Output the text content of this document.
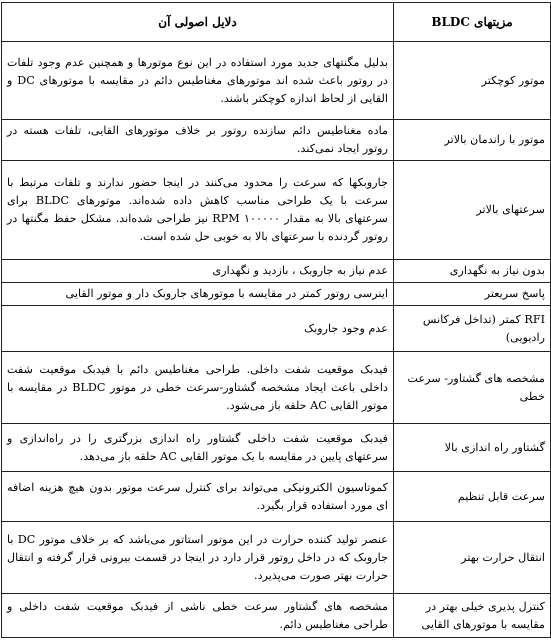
مزیتهای BLDC	دلایل اصولی آن
موتور کوچکتر	بدلیل مگنتهای جدید مورد استفاده در این نوع موتورها و همچنین عدم وجود تلفات در روتور باعث شده اند موتورهای مغناطیس دائم در مقایسه با موتورهای DC و القایی از لحاظ اندازه کوچکتر باشند.
موتور با راندمان بالاتر	ماده مغناطیس دائم سازنده روتور بر خلاف موتورهای القایی، تلفات هسته در روتور ایجاد نمی‌کند.
سرعتهای بالاتر	جاروبکها که سرعت را محدود می‌کنند در اینجا حضور ندارند و تلفات مرتبط با سرعت با یک طراحی مناسب کاهش داده شده‌اند. موتورهای BLDC برای سرعتهای بالا به مقدار ۱۰۰۰۰۰ RPM نیز طراحی شده‌اند. مشکل حفظ مگنتها در روتور گردنده با سرعتهای بالا به خوبی حل شده است.
بدون نیاز به نگهداری	عدم نیاز به جاروبک ، بازدید و نگهداری
پاسخ سریعتر	اینرسی روتور کمتر در مقایسه با موتورهای جاروبک دار و موتور القایی
RFI کمتر (تداخل فرکانس رادیویی)	عدم وجود جاروبک
مشخصه های گشتاور- سرعت خطی	فیدبک موقعیت شفت داخلی. طراحی مغناطیس دائم با فیدبک موقعیت شفت داخلی باعث ایجاد مشخصه گشتاور-سرعت خطی در موتور BLDC در مقایسه با موتور القایی AC حلقه باز می‌شود.
گشتاور راه اندازی بالا	فیدبک موقعیت شفت داخلی گشتاور راه اندازی بزرگتری را در راه‌اندازی و سرعتهای پایین در مقایسه با یک موتور القایی AC حلقه باز می‌دهد.
سرعت قابل تنظیم	کموتاسیون الکترونیکی می‌تواند برای کنترل سرعت موتور بدون هیچ هزینه اضافه ای مورد استفاده قرار بگیرد.
انتقال حرارت بهتر	عنصر تولید کننده حرارت در این موتور استاتور می‌باشد که بر خلاف موتور DC با جاروبک که در داخل روتور قرار دارد در اینجا در قسمت بیرونی قرار گرفته و انتقال حرارت بهتر صورت می‌پذیرد.
کنترل پذیری خیلی بهتر در مقایسه با موتورهای القایی	مشخصه های گشتاور سرعت خطی ناشی از فیدبک موقعیت شفت داخلی و طراحی مغناطیس دائم.
